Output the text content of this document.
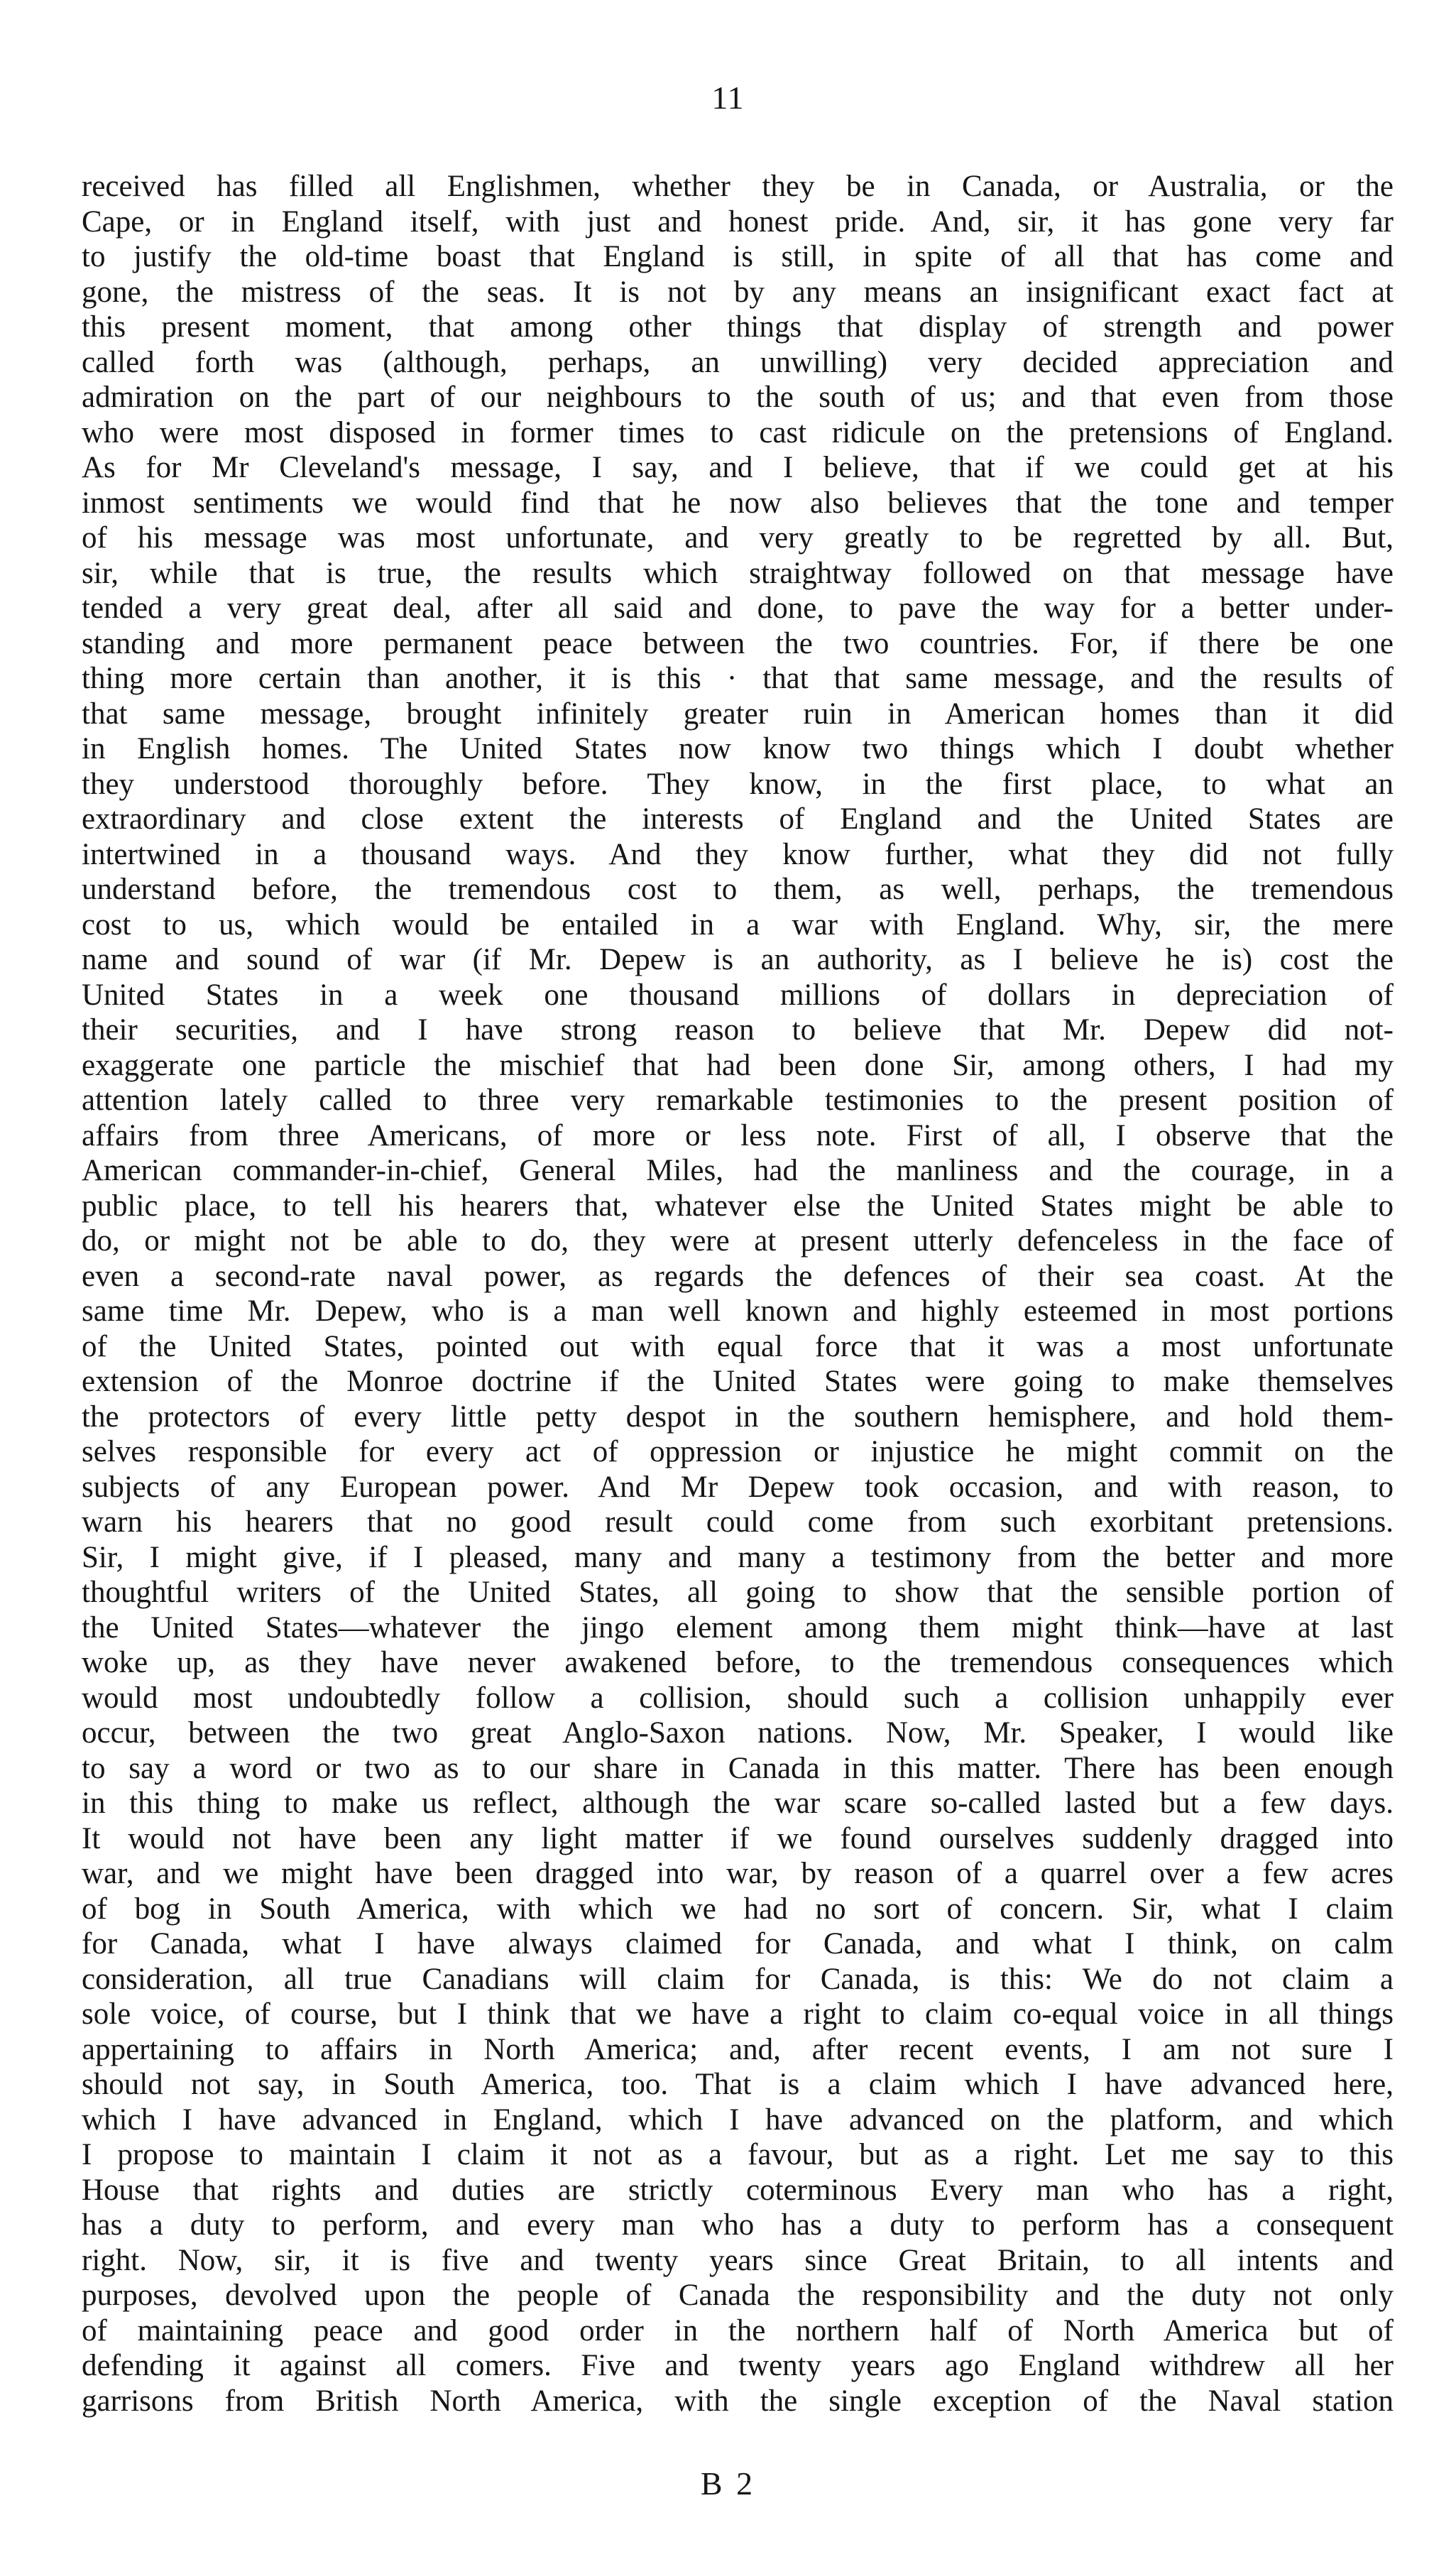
11
received has filled all Englishmen, whether they be in Canada, or Australia, or the
Cape, or in England itself, with just and honest pride. And, sir, it has gone very far
to justify the old-time boast that England is still, in spite of all that has come and
gone, the mistress of the seas. It is not by any means an insignificant exact fact at
this present moment, that among other things that display of strength and power
called forth was (although, perhaps, an unwilling) very decided appreciation and
admiration on the part of our neighbours to the south of us; and that even from those
who were most disposed in former times to cast ridicule on the pretensions of England.
As for Mr Cleveland's message, I say, and I believe, that if we could get at his
inmost sentiments we would find that he now also believes that the tone and temper
of his message was most unfortunate, and very greatly to be regretted by all. But,
sir, while that is true, the results which straightway followed on that message have
tended a very great deal, after all said and done, to pave the way for a better under-
standing and more permanent peace between the two countries. For, if there be one
thing more certain than another, it is this · that that same message, and the results of
that same message, brought infinitely greater ruin in American homes than it did
in English homes. The United States now know two things which I doubt whether
they understood thoroughly before. They know, in the first place, to what an
extraordinary and close extent the interests of England and the United States are
intertwined in a thousand ways. And they know further, what they did not fully
understand before, the tremendous cost to them, as well, perhaps, the tremendous
cost to us, which would be entailed in a war with England. Why, sir, the mere
name and sound of war (if Mr. Depew is an authority, as I believe he is) cost the
United States in a week one thousand millions of dollars in depreciation of
their securities, and I have strong reason to believe that Mr. Depew did not-
exaggerate one particle the mischief that had been done Sir, among others, I had my
attention lately called to three very remarkable testimonies to the present position of
affairs from three Americans, of more or less note. First of all, I observe that the
American commander-in-chief, General Miles, had the manliness and the courage, in a
public place, to tell his hearers that, whatever else the United States might be able to
do, or might not be able to do, they were at present utterly defenceless in the face of
even a second-rate naval power, as regards the defences of their sea coast. At the
same time Mr. Depew, who is a man well known and highly esteemed in most portions
of the United States, pointed out with equal force that it was a most unfortunate
extension of the Monroe doctrine if the United States were going to make themselves
the protectors of every little petty despot in the southern hemisphere, and hold them-
selves responsible for every act of oppression or injustice he might commit on the
subjects of any European power. And Mr Depew took occasion, and with reason, to
warn his hearers that no good result could come from such exorbitant pretensions.
Sir, I might give, if I pleased, many and many a testimony from the better and more
thoughtful writers of the United States, all going to show that the sensible portion of
the United States—whatever the jingo element among them might think—have at last
woke up, as they have never awakened before, to the tremendous consequences which
would most undoubtedly follow a collision, should such a collision unhappily ever
occur, between the two great Anglo-Saxon nations. Now, Mr. Speaker, I would like
to say a word or two as to our share in Canada in this matter. There has been enough
in this thing to make us reflect, although the war scare so-called lasted but a few days.
It would not have been any light matter if we found ourselves suddenly dragged into
war, and we might have been dragged into war, by reason of a quarrel over a few acres
of bog in South America, with which we had no sort of concern. Sir, what I claim
for Canada, what I have always claimed for Canada, and what I think, on calm
consideration, all true Canadians will claim for Canada, is this: We do not claim a
sole voice, of course, but I think that we have a right to claim co-equal voice in all things
appertaining to affairs in North America; and, after recent events, I am not sure I
should not say, in South America, too. That is a claim which I have advanced here,
which I have advanced in England, which I have advanced on the platform, and which
I propose to maintain I claim it not as a favour, but as a right. Let me say to this
House that rights and duties are strictly coterminous Every man who has a right,
has a duty to perform, and every man who has a duty to perform has a consequent
right. Now, sir, it is five and twenty years since Great Britain, to all intents and
purposes, devolved upon the people of Canada the responsibility and the duty not only
of maintaining peace and good order in the northern half of North America but of
defending it against all comers. Five and twenty years ago England withdrew all her
garrisons from British North America, with the single exception of the Naval station
B 2
